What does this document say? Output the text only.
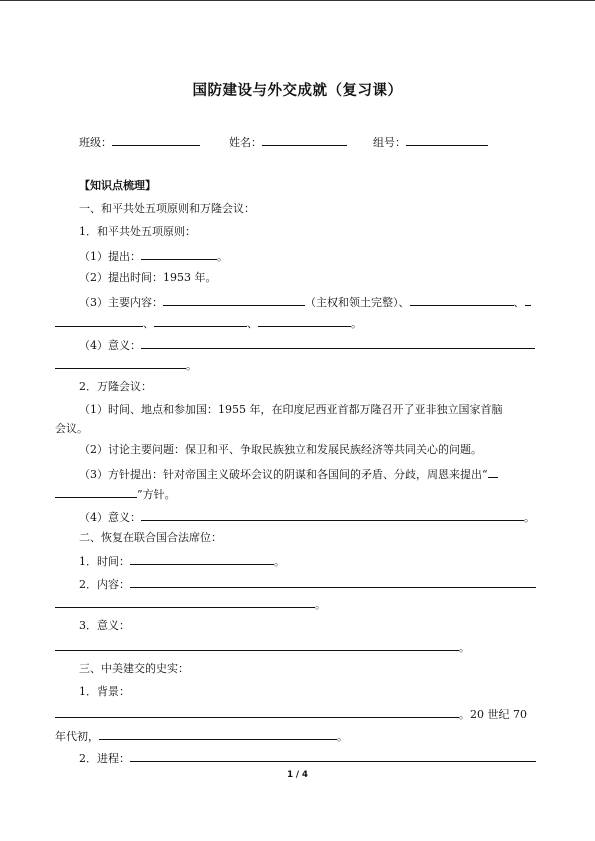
国防建设与外交成就（复习课）
班级：	姓名：	组号：
【知识点梳理】
一、和平共处五项原则和万隆会议：
1．和平共处五项原则：
（1）提出：	。
（2）提出时间：1953 年。
（3）主要内容：	（主权和领土完整）、	、
、	、	。
（4）意义：
。
2．万隆会议：
（1）时间、地点和参加国：1955 年，在印度尼西亚首都万隆召开了亚非独立国家首脑
会议。
（2）讨论主要问题：保卫和平、争取民族独立和发展民族经济等共同关心的问题。
（3）方针提出：针对帝国主义破坏会议的阴谋和各国间的矛盾、分歧，周恩来提出“
”方针。
（4）意义：	。
二、恢复在联合国合法席位：
1．时间：	。
2．内容：
。
3．意义：
。
三、中美建交的史实：
1．背景：
。20 世纪 70
年代初，	。
2．进程：
1 / 4
